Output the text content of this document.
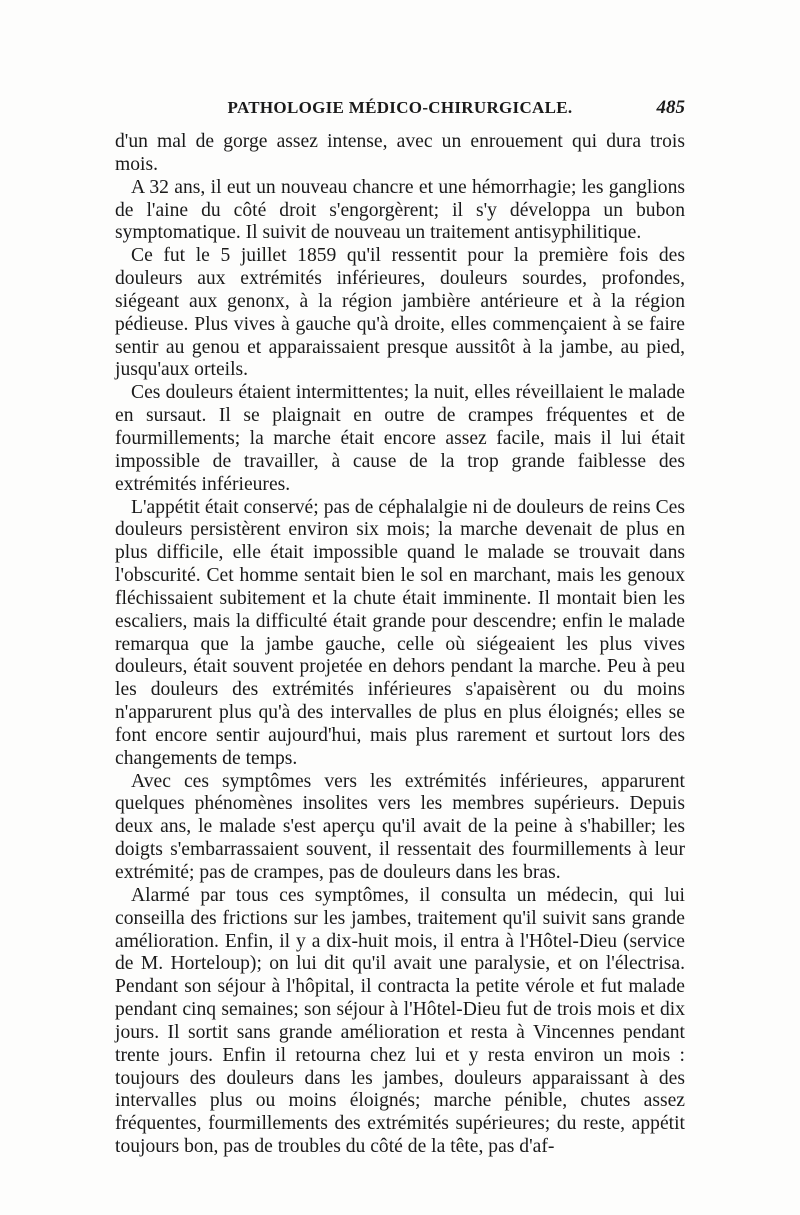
PATHOLOGIE MÉDICO-CHIRURGICALE.	485

d'un mal de gorge assez intense, avec un enrouement qui dura trois mois.

A 32 ans, il eut un nouveau chancre et une hémorrhagie; les ganglions de l'aine du côté droit s'engorgèrent; il s'y développa un bubon symptomatique. Il suivit de nouveau un traitement antisyphilitique.

Ce fut le 5 juillet 1859 qu'il ressentit pour la première fois des douleurs aux extrémités inférieures, douleurs sourdes, profondes, siégeant aux genonx, à la région jambière antérieure et à la région pédieuse. Plus vives à gauche qu'à droite, elles commençaient à se faire sentir au genou et apparaissaient presque aussitôt à la jambe, au pied, jusqu'aux orteils.

Ces douleurs étaient intermittentes; la nuit, elles réveillaient le malade en sursaut. Il se plaignait en outre de crampes fréquentes et de fourmillements; la marche était encore assez facile, mais il lui était impossible de travailler, à cause de la trop grande faiblesse des extrémités inférieures.

L'appétit était conservé; pas de céphalalgie ni de douleurs de reins Ces douleurs persistèrent environ six mois; la marche devenait de plus en plus difficile, elle était impossible quand le malade se trouvait dans l'obscurité. Cet homme sentait bien le sol en marchant, mais les genoux fléchissaient subitement et la chute était imminente. Il montait bien les escaliers, mais la difficulté était grande pour descendre; enfin le malade remarqua que la jambe gauche, celle où siégeaient les plus vives douleurs, était souvent projetée en dehors pendant la marche. Peu à peu les douleurs des extrémités inférieures s'apaisèrent ou du moins n'apparurent plus qu'à des intervalles de plus en plus éloignés; elles se font encore sentir aujourd'hui, mais plus rarement et surtout lors des changements de temps.

Avec ces symptômes vers les extrémités inférieures, apparurent quelques phénomènes insolites vers les membres supérieurs. Depuis deux ans, le malade s'est aperçu qu'il avait de la peine à s'habiller; les doigts s'embarrassaient souvent, il ressentait des fourmillements à leur extrémité; pas de crampes, pas de douleurs dans les bras.

Alarmé par tous ces symptômes, il consulta un médecin, qui lui conseilla des frictions sur les jambes, traitement qu'il suivit sans grande amélioration. Enfin, il y a dix-huit mois, il entra à l'Hôtel-Dieu (service de M. Horteloup); on lui dit qu'il avait une paralysie, et on l'électrisa. Pendant son séjour à l'hôpital, il contracta la petite vérole et fut malade pendant cinq semaines; son séjour à l'Hôtel-Dieu fut de trois mois et dix jours. Il sortit sans grande amélioration et resta à Vincennes pendant trente jours. Enfin il retourna chez lui et y resta environ un mois : toujours des douleurs dans les jambes, douleurs apparaissant à des intervalles plus ou moins éloignés; marche pénible, chutes assez fréquentes, fourmillements des extrémités supérieures; du reste, appétit toujours bon, pas de troubles du côté de la tête, pas d'af-
